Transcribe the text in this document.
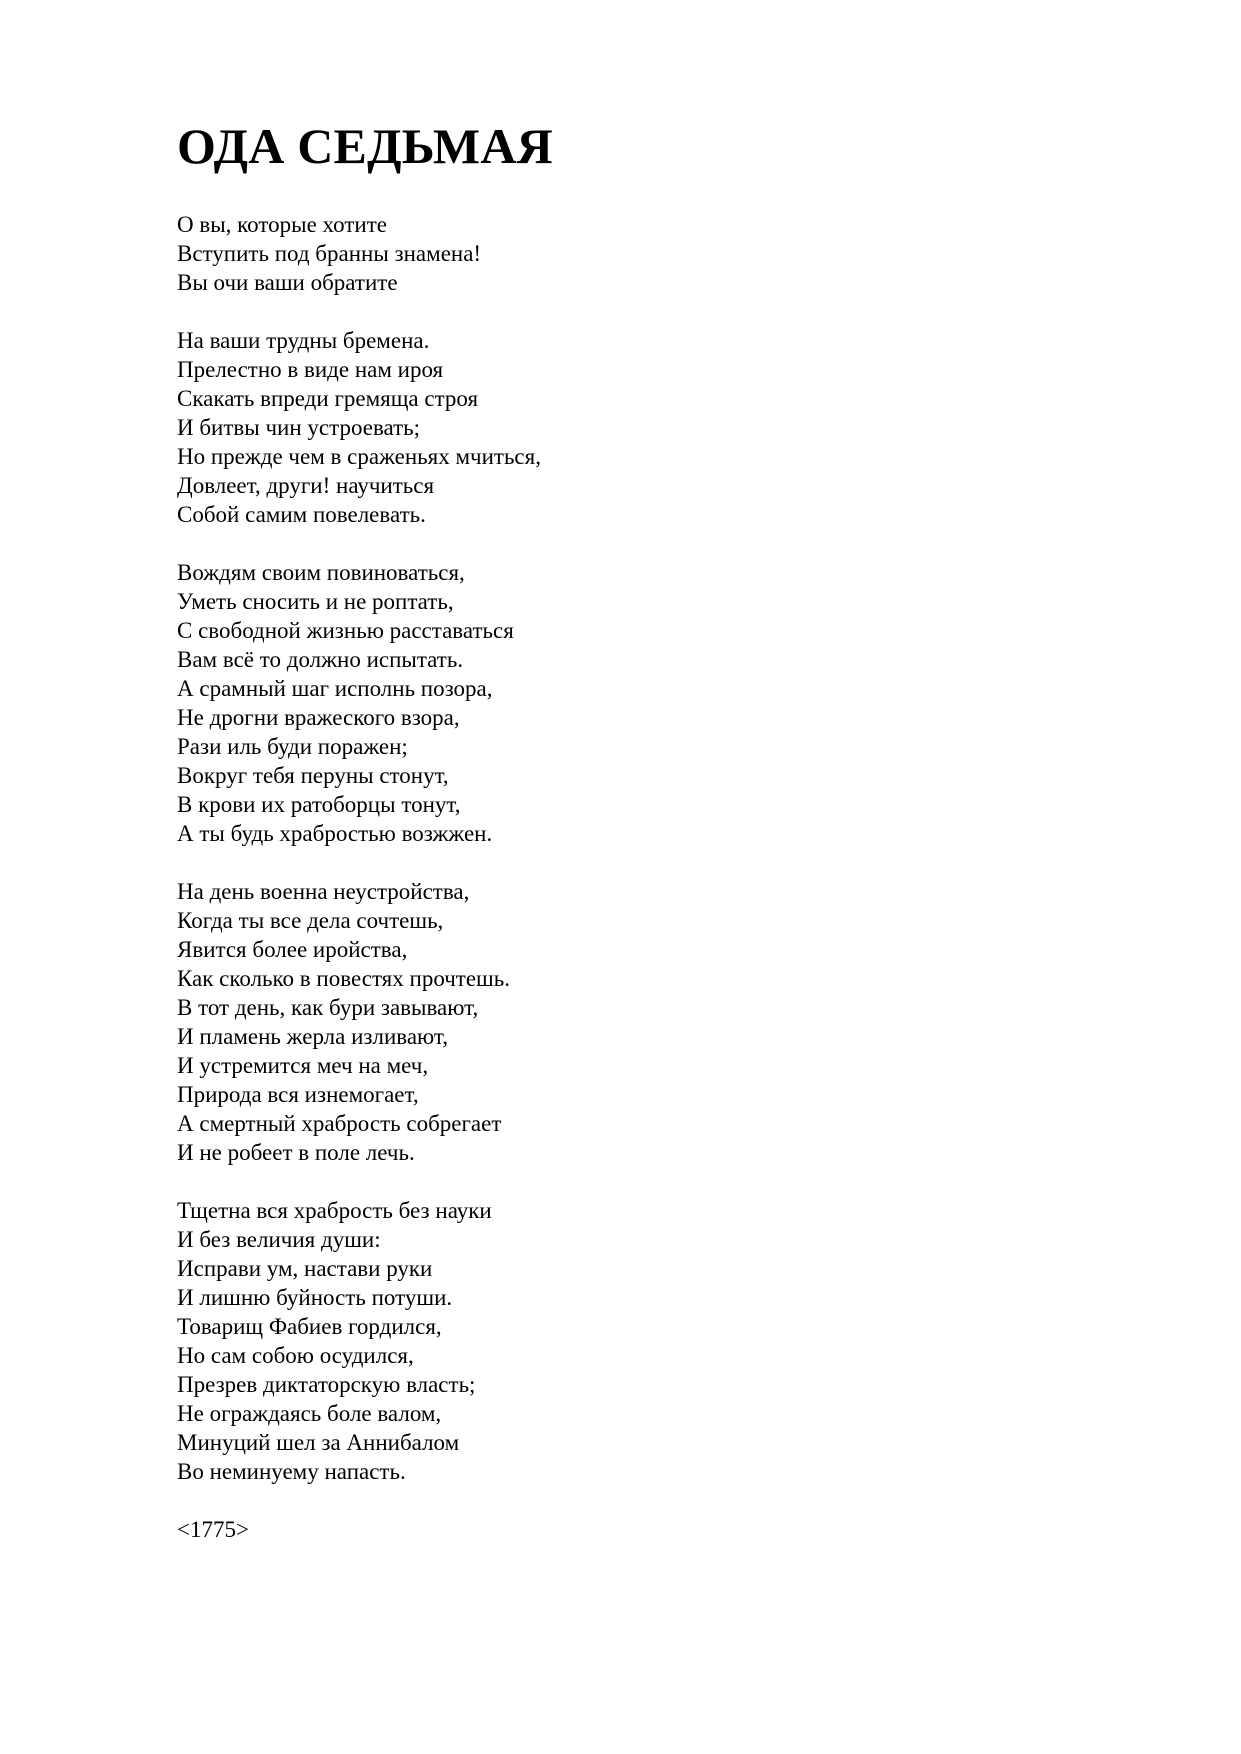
ОДА СЕДЬМАЯ
О вы, которые хотите
Вступить под бранны знамена!
Вы очи ваши обратите
На ваши трудны бремена.
Прелестно в виде нам ироя
Скакать впреди гремяща строя
И битвы чин устроевать;
Но прежде чем в сраженьях мчиться,
Довлеет, други! научиться
Собой самим повелевать.
Вождям своим повиноваться,
Уметь сносить и не роптать,
С свободной жизнью расставаться
Вам всё то должно испытать.
А срамный шаг исполнь позора,
Не дрогни вражеского взора,
Рази иль буди поражен;
Вокруг тебя перуны стонут,
В крови их ратоборцы тонут,
А ты будь храбростью возжжен.
На день военна неустройства,
Когда ты все дела сочтешь,
Явится более иройства,
Как сколько в повестях прочтешь.
В тот день, как бури завывают,
И пламень жерла изливают,
И устремится меч на меч,
Природа вся изнемогает,
А смертный храбрость собрегает
И не робеет в поле лечь.
Тщетна вся храбрость без науки
И без величия души:
Исправи ум, настави руки
И лишню буйность потуши.
Товарищ Фабиев гордился,
Но сам собою осудился,
Презрев диктаторскую власть;
Не ограждаясь боле валом,
Минуций шел за Аннибалом
Во неминуему напасть.
<1775>
